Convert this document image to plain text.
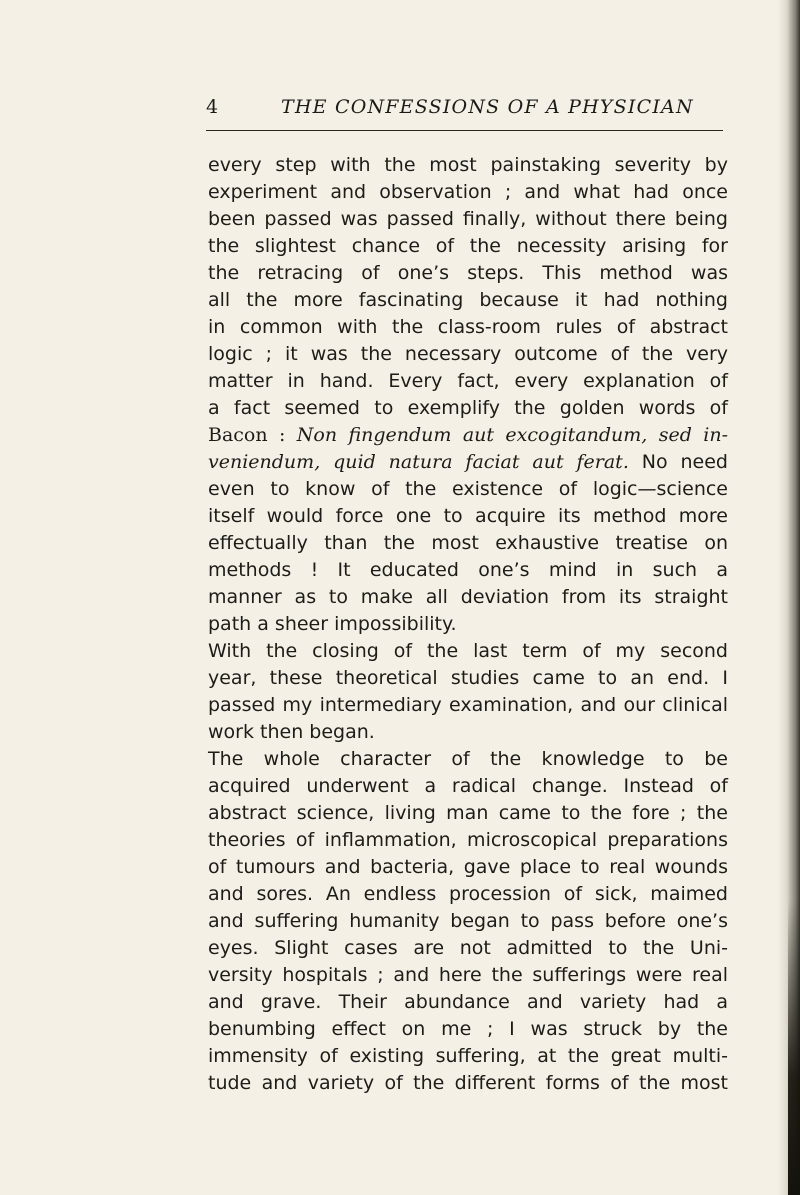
4	THE CONFESSIONS OF A PHYSICIAN
every step with the most painstaking severity by
experiment and observation ; and what had once
been passed was passed finally, without there being
the slightest chance of the necessity arising for
the retracing of one’s steps. This method was
all the more fascinating because it had nothing
in common with the class-room rules of abstract
logic ; it was the necessary outcome of the very
matter in hand. Every fact, every explanation of
a fact seemed to exemplify the golden words of
Bacon : Non fingendum aut excogitandum, sed in-
veniendum, quid natura faciat aut ferat. No need
even to know of the existence of logic—science
itself would force one to acquire its method more
effectually than the most exhaustive treatise on
methods ! It educated one’s mind in such a
manner as to make all deviation from its straight
path a sheer impossibility.
With the closing of the last term of my second
year, these theoretical studies came to an end. I
passed my intermediary examination, and our clinical
work then began.
The whole character of the knowledge to be
acquired underwent a radical change. Instead of
abstract science, living man came to the fore ; the
theories of inflammation, microscopical preparations
of tumours and bacteria, gave place to real wounds
and sores. An endless procession of sick, maimed
and suffering humanity began to pass before one’s
eyes. Slight cases are not admitted to the Uni-
versity hospitals ; and here the sufferings were real
and grave. Their abundance and variety had a
benumbing effect on me ; I was struck by the
immensity of existing suffering, at the great multi-
tude and variety of the different forms of the most
